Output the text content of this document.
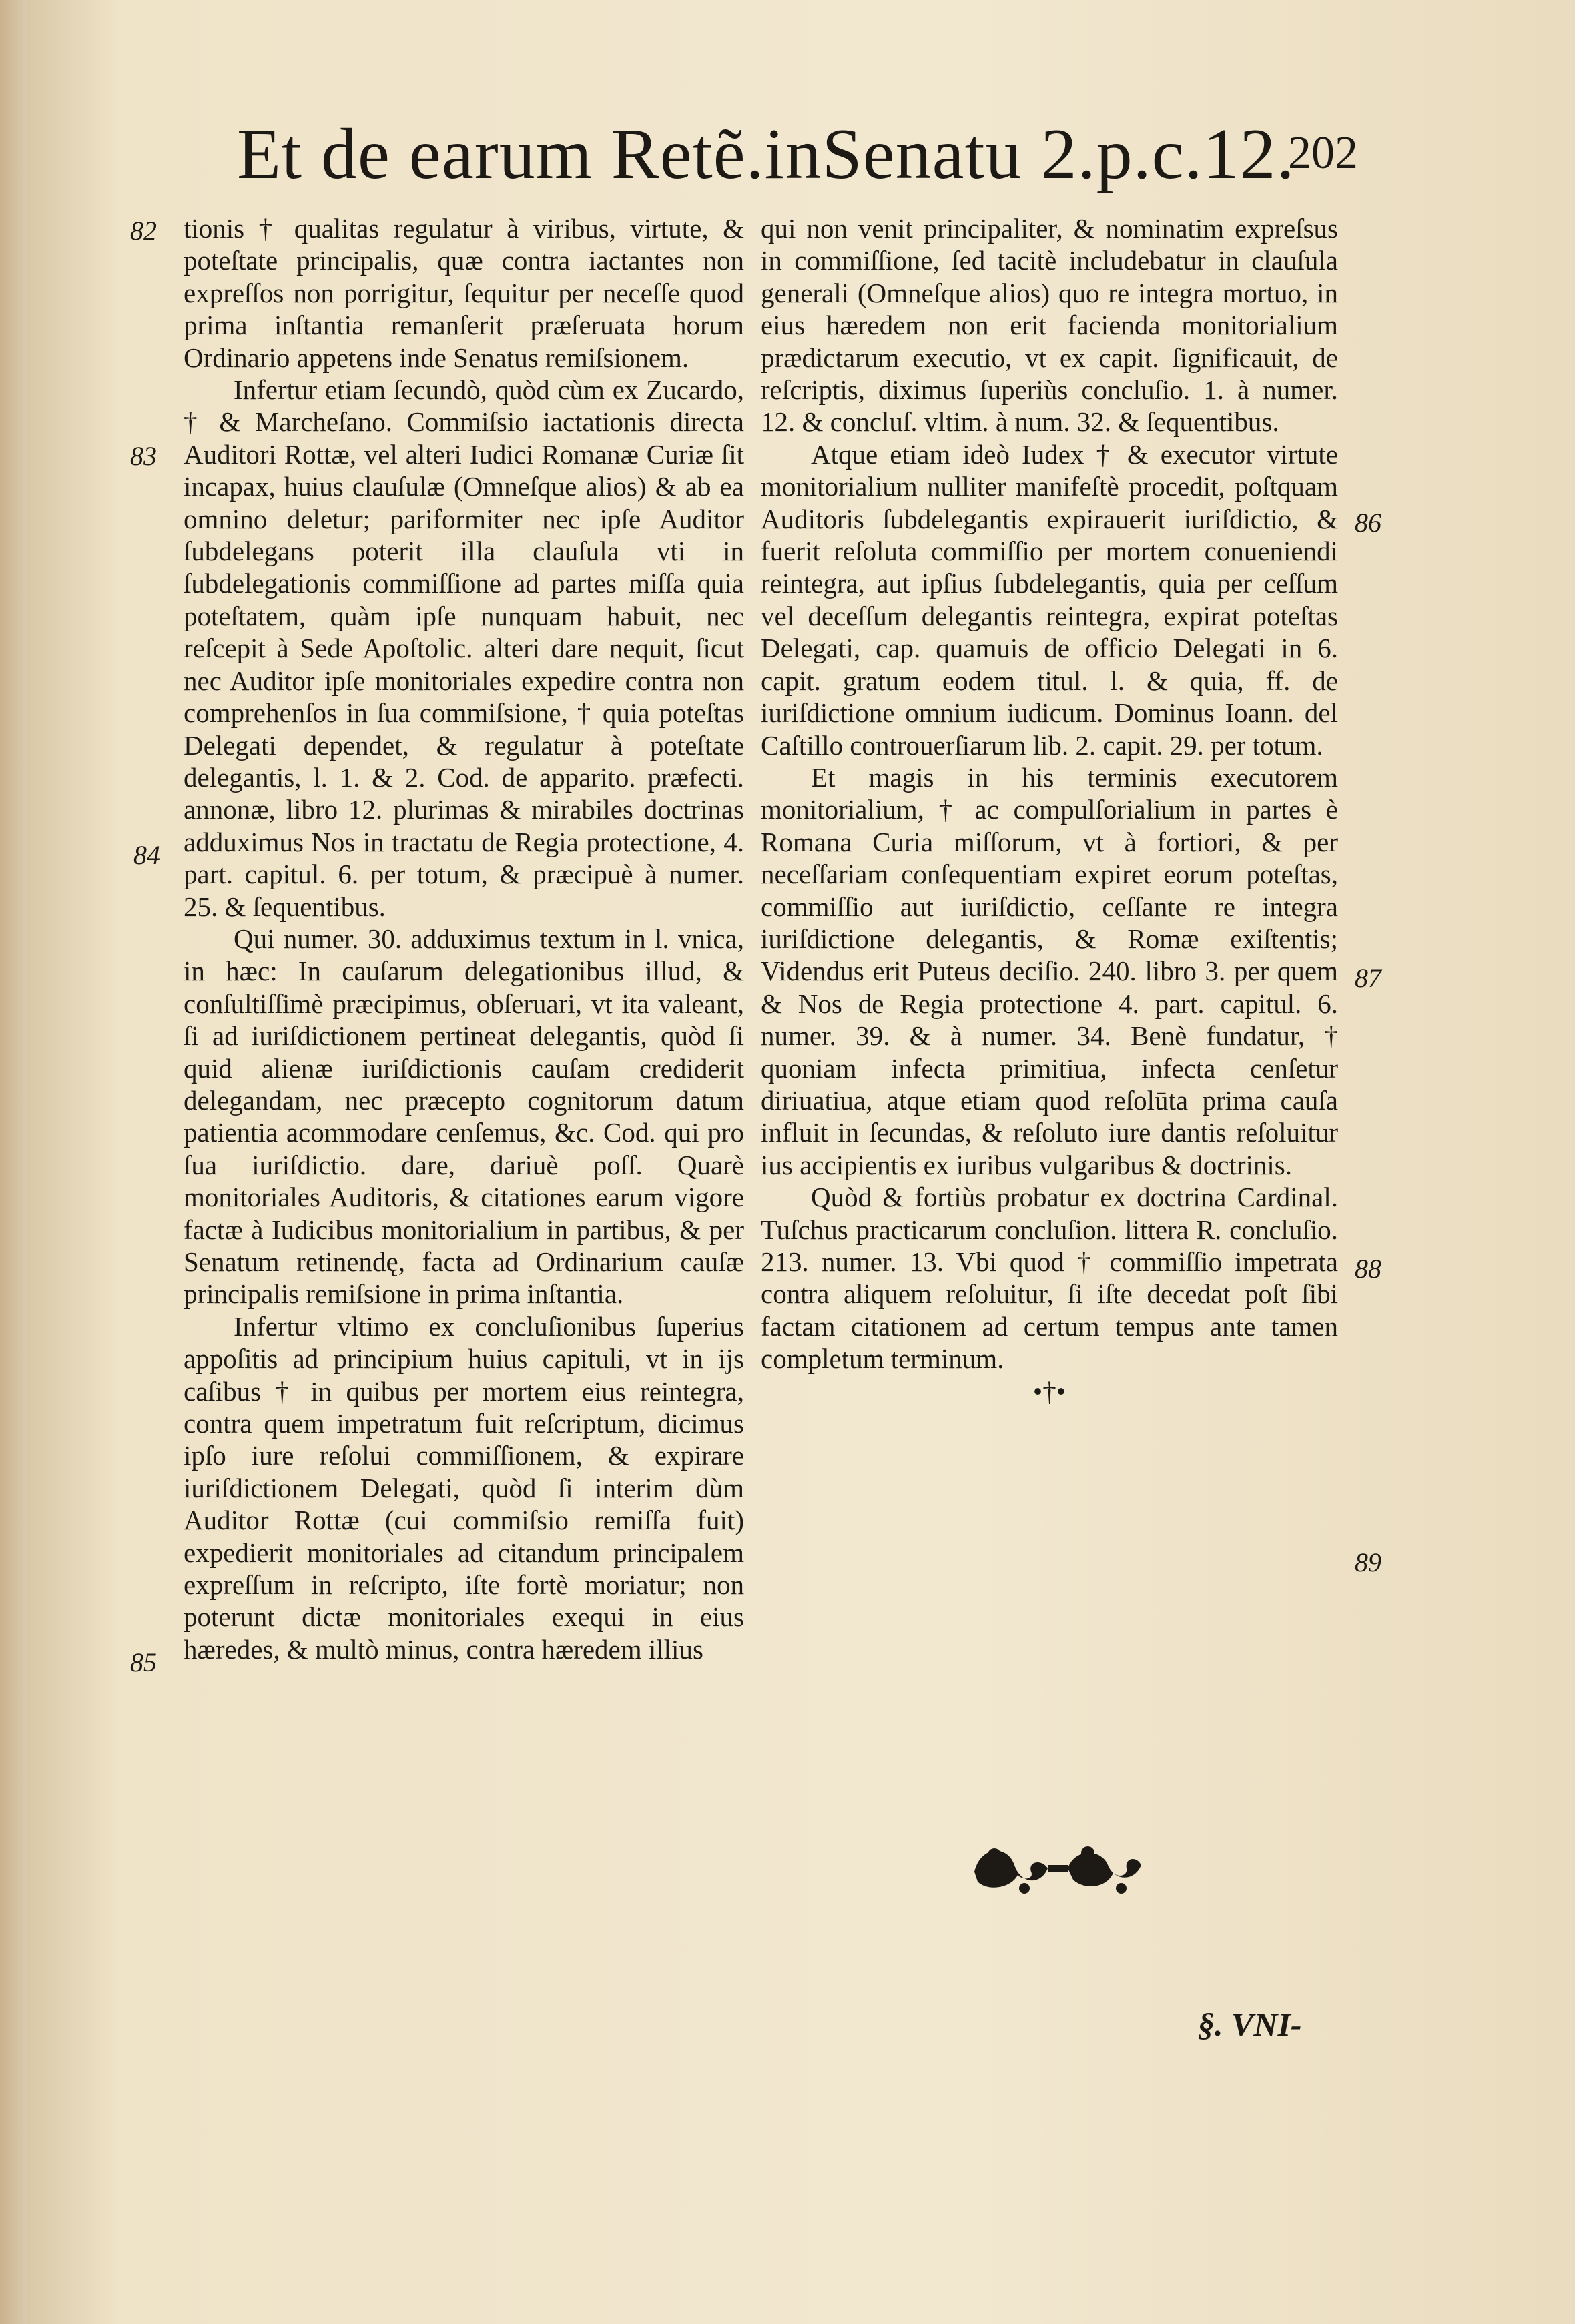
Et de earum Retẽ.inSenatu 2.p.c.12.
202
82
83
84
85
86
87
88
89

tionis † qualitas regulatur à viribus, virtute, & poteſtate principalis, quæ contra iactantes non expreſſos non porrigitur, ſequitur per neceſſe quod prima inſtantia remanſerit præſeruata horum Ordinario appetens inde Senatus remiſsionem.

Infertur etiam ſecundò, quòd cùm ex Zucardo, † & Marcheſano. Commiſsio iactationis directa Auditori Rottæ, vel alteri Iudici Romanæ Curiæ ſit incapax, huius clauſulæ (Omneſque alios) & ab ea omnino deletur; pariformiter nec ipſe Auditor ſubdelegans poterit illa clauſula vti in ſubdelegationis commiſſione ad partes miſſa quia poteſtatem, quàm ipſe nunquam habuit, nec reſcepit à Sede Apoſtolic. alteri dare nequit, ſicut nec Auditor ipſe monitoriales expedire contra non comprehenſos in ſua commiſsione, † quia poteſtas Delegati dependet, & regulatur à poteſtate delegantis, l. 1. & 2. Cod. de apparito. præfecti. annonæ, libro 12. plurimas & mirabiles doctrinas adduximus Nos in tractatu de Regia protectione, 4. part. capitul. 6. per totum, & præcipuè à numer. 25. & ſequentibus.

Qui numer. 30. adduximus textum in l. vnica, in hæc: In cauſarum delegationibus illud, & conſultiſſimè præcipimus, obſeruari, vt ita valeant, ſi ad iuriſdictionem pertineat delegantis, quòd ſi quid alienæ iuriſdictionis cauſam crediderit delegandam, nec præcepto cognitorum datum patientia acommodare cenſemus, &c. Cod. qui pro ſua iuriſdictio. dare, dariuè poſſ. Quarè monitoriales Auditoris, & citationes earum vigore factæ à Iudicibus monitorialium in partibus, & per Senatum retinendę, facta ad Ordinarium cauſæ principalis remiſsione in prima inſtantia.

Infertur vltimo ex concluſionibus ſuperius appoſitis ad principium huius capituli, vt in ijs caſibus † in quibus per mortem eius reintegra, contra quem impetratum fuit reſcriptum, dicimus ipſo iure reſolui commiſſionem, & expirare iuriſdictionem Delegati, quòd ſi interim dùm Auditor Rottæ (cui commiſsio remiſſa fuit) expedierit monitoriales ad citandum principalem expreſſum in reſcripto, iſte fortè moriatur; non poterunt dictæ monitoriales exequi in eius hæredes, & multò minus, contra hæredem illius

qui non venit principaliter, & nominatim expreſsus in commiſſione, ſed tacitè includebatur in clauſula generali (Omneſque alios) quo re integra mortuo, in eius hæredem non erit facienda monitorialium prædictarum executio, vt ex capit. ſignificauit, de reſcriptis, diximus ſuperiùs concluſio. 1. à numer. 12. & concluſ. vltim. à num. 32. & ſequentibus.

Atque etiam ideò Iudex † & executor virtute monitorialium nulliter manifeſtè procedit, poſtquam Auditoris ſubdelegantis expirauerit iuriſdictio, & fuerit reſoluta commiſſio per mortem conueniendi reintegra, aut ipſius ſubdelegantis, quia per ceſſum vel deceſſum delegantis reintegra, expirat poteſtas Delegati, cap. quamuis de officio Delegati in 6. capit. gratum eodem titul. l. & quia, ff. de iuriſdictione omnium iudicum. Dominus Ioann. del Caſtillo controuerſiarum lib. 2. capit. 29. per totum.

Et magis in his terminis executorem monitorialium, † ac compulſorialium in partes è Romana Curia miſſorum, vt à fortiori, & per neceſſariam conſequentiam expiret eorum poteſtas, commiſſio aut iuriſdictio, ceſſante re integra iuriſdictione delegantis, & Romæ exiſtentis; Videndus erit Puteus deciſio. 240. libro 3. per quem & Nos de Regia protectione 4. part. capitul. 6. numer. 39. & à numer. 34. Benè fundatur, † quoniam infecta primitiua, infecta cenſetur diriuatiua, atque etiam quod reſolūta prima cauſa influit in ſecundas, & reſoluto iure dantis reſoluitur ius accipientis ex iuribus vulgaribus & doctrinis.

Quòd & fortiùs probatur ex doctrina Cardinal. Tuſchus practicarum concluſion. littera R. concluſio. 213. numer. 13. Vbi quod † commiſſio impetrata contra aliquem reſoluitur, ſi iſte decedat poſt ſibi factam citationem ad certum tempus ante tamen completum terminum.

•†•

§. VNI-
